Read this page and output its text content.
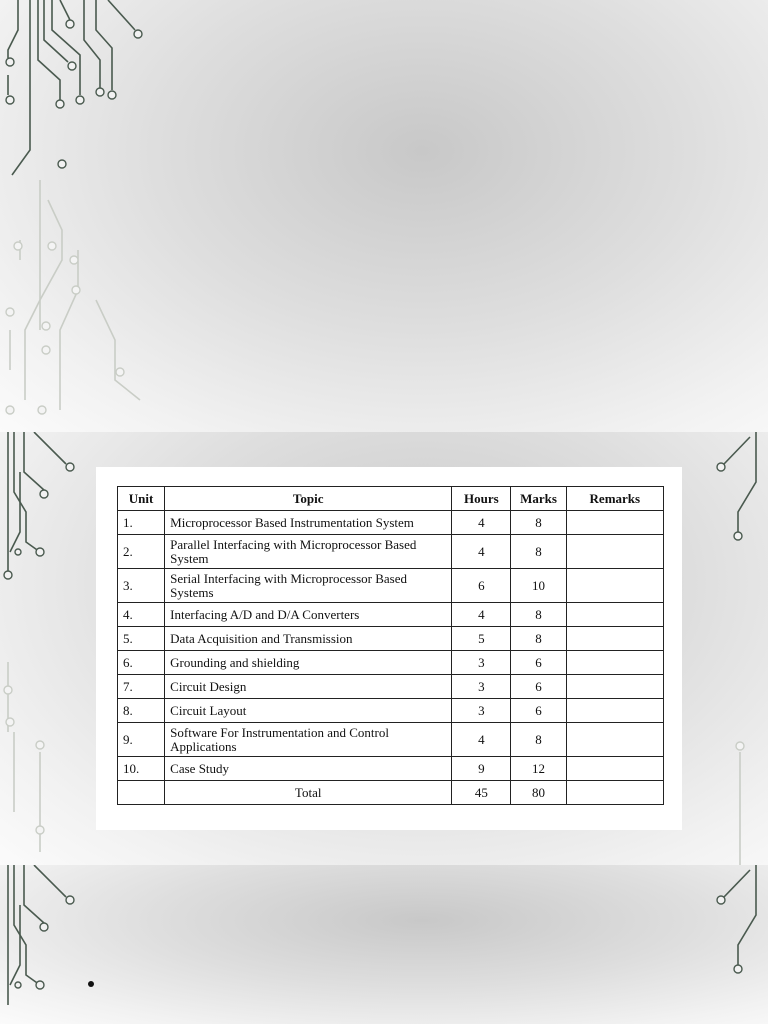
Unit	Topic	Hours	Marks	Remarks
1.	Microprocessor Based Instrumentation System	4	8	
2.	Parallel Interfacing with Microprocessor Based System	4	8	
3.	Serial Interfacing with Microprocessor Based Systems	6	10	
4.	Interfacing A/D and D/A Converters	4	8	
5.	Data Acquisition and Transmission	5	8	
6.	Grounding and shielding	3	6	
7.	Circuit Design	3	6	
8.	Circuit Layout	3	6	
9.	Software For Instrumentation and Control Applications	4	8	
10.	Case Study	9	12	
	Total	45	80	
